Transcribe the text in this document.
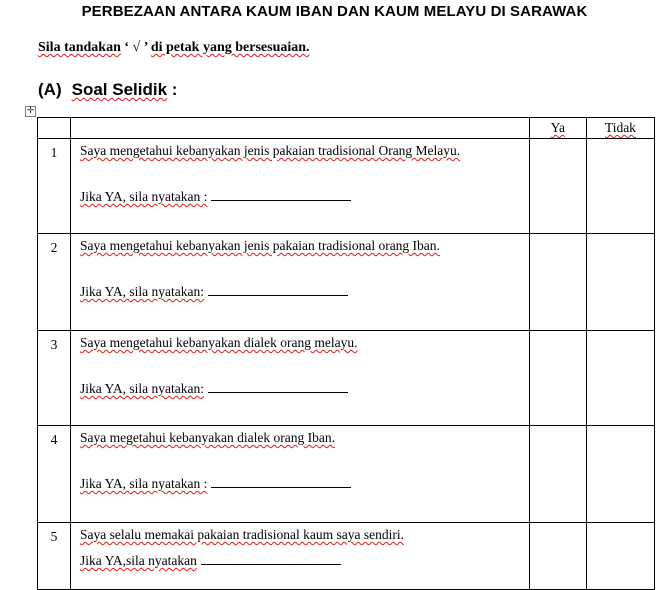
PERBEZAAN ANTARA KAUM IBAN DAN KAUM MELAYU DI SARAWAK
Sila tandakan ‘ √ ’ di petak yang bersesuaian.
(A) Soal Selidik :
✛
		Ya	Tidak
1	Saya mengetahui kebanyakan jenis pakaian tradisional Orang Melayu.
Jika YA, sila nyatakan :		

2	Saya mengetahui kebanyakan jenis pakaian tradisional orang Iban.
Jika YA, sila nyatakan:		

3	Saya mengetahui kebanyakan dialek orang melayu.
Jika YA, sila nyatakan:		

4	Saya megetahui kebanyakan dialek orang Iban.
Jika YA, sila nyatakan :		

5	Saya selalu memakai pakaian tradisional kaum saya sendiri.
Jika YA,sila nyatakan		
